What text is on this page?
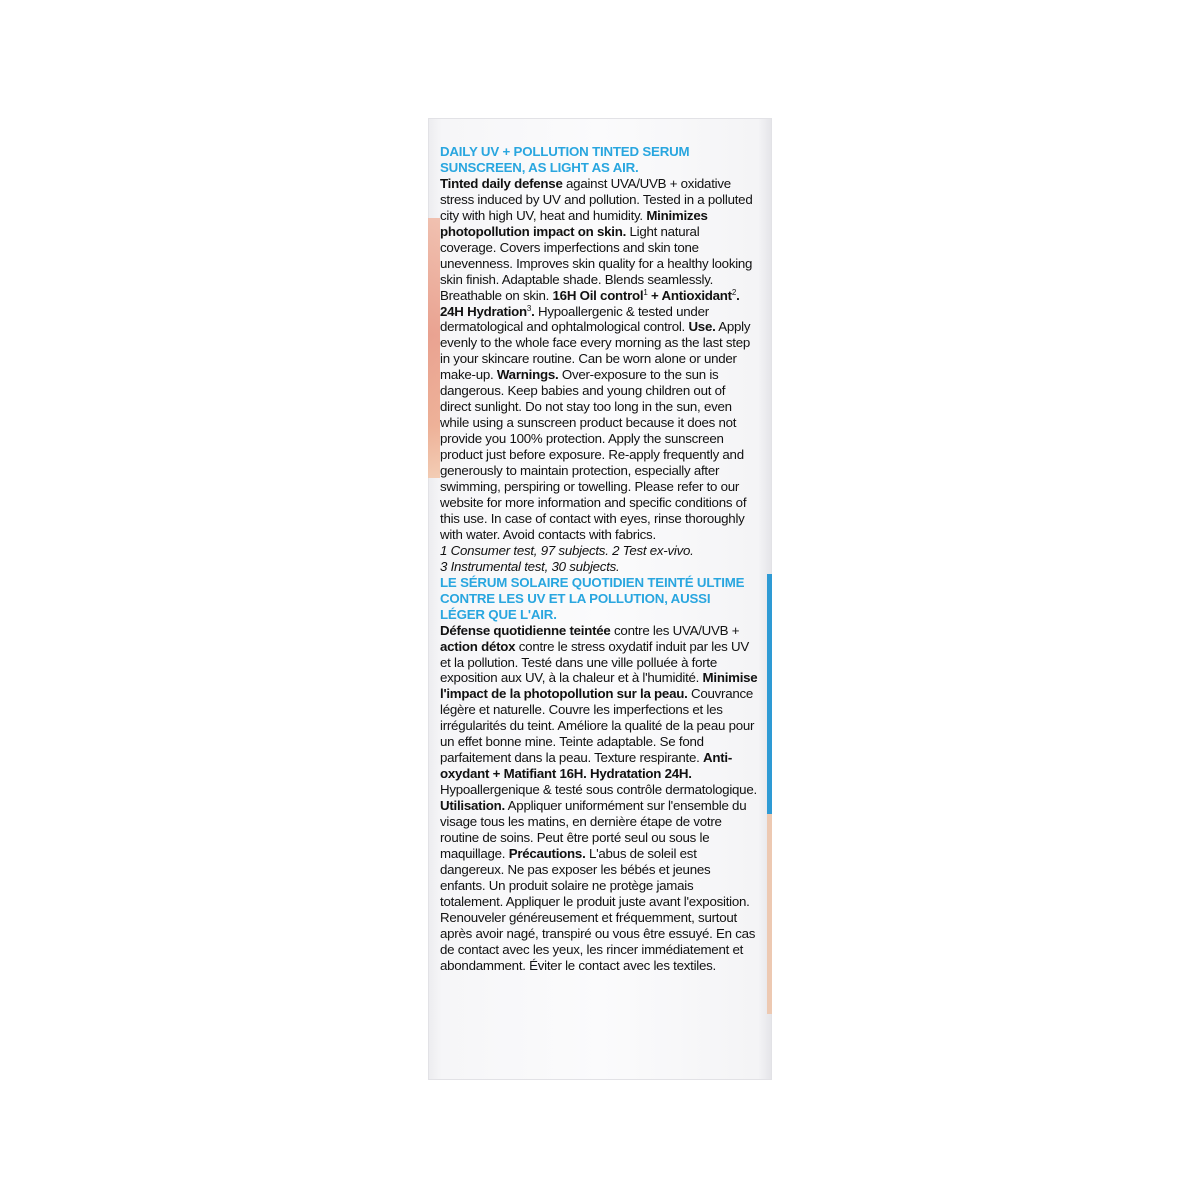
DAILY UV + POLLUTION TINTED SERUM SUNSCREEN, AS LIGHT AS AIR.
Tinted daily defense against UVA/UVB + oxidative stress induced by UV and pollution. Tested in a polluted city with high UV, heat and humidity. Minimizes photopollution impact on skin. Light natural coverage. Covers imperfections and skin tone unevenness. Improves skin quality for a healthy looking skin finish. Adaptable shade. Blends seamlessly. Breathable on skin. 16H Oil control$^1$ + Antioxidant$^2$. 24H Hydration$^3$. Hypoallergenic & tested under dermatological and ophtalmological control. Use. Apply evenly to the whole face every morning as the last step in your skincare routine. Can be worn alone or under make-up. Warnings. Over-exposure to the sun is dangerous. Keep babies and young children out of direct sunlight. Do not stay too long in the sun, even while using a sunscreen product because it does not provide you 100% protection. Apply the sunscreen product just before exposure. Re-apply frequently and generously to maintain protection, especially after swimming, perspiring or towelling. Please refer to our website for more information and specific conditions of this use. In case of contact with eyes, rinse thoroughly with water. Avoid contacts with fabrics.
1 Consumer test, 97 subjects. 2 Test ex-vivo.
3 Instrumental test, 30 subjects.
LE SÉRUM SOLAIRE QUOTIDIEN TEINTÉ ULTIME CONTRE LES UV ET LA POLLUTION, AUSSI LÉGER QUE L'AIR.
Défense quotidienne teintée contre les UVA/UVB + action détox contre le stress oxydatif induit par les UV et la pollution. Testé dans une ville polluée à forte exposition aux UV, à la chaleur et à l'humidité. Minimise l'impact de la photopollution sur la peau. Couvrance légère et naturelle. Couvre les imperfections et les irrégularités du teint. Améliore la qualité de la peau pour un effet bonne mine. Teinte adaptable. Se fond parfaitement dans la peau. Texture respirante. Anti-oxydant + Matifiant 16H. Hydratation 24H. Hypoallergenique & testé sous contrôle dermatologique. Utilisation. Appliquer uniformément sur l'ensemble du visage tous les matins, en dernière étape de votre routine de soins. Peut être porté seul ou sous le maquillage. Précautions. L'abus de soleil est dangereux. Ne pas exposer les bébés et jeunes enfants. Un produit solaire ne protège jamais totalement. Appliquer le produit juste avant l'exposition. Renouveler généreusement et fréquemment, surtout après avoir nagé, transpiré ou vous être essuyé. En cas de contact avec les yeux, les rincer immédiatement et abondamment. Éviter le contact avec les textiles.
